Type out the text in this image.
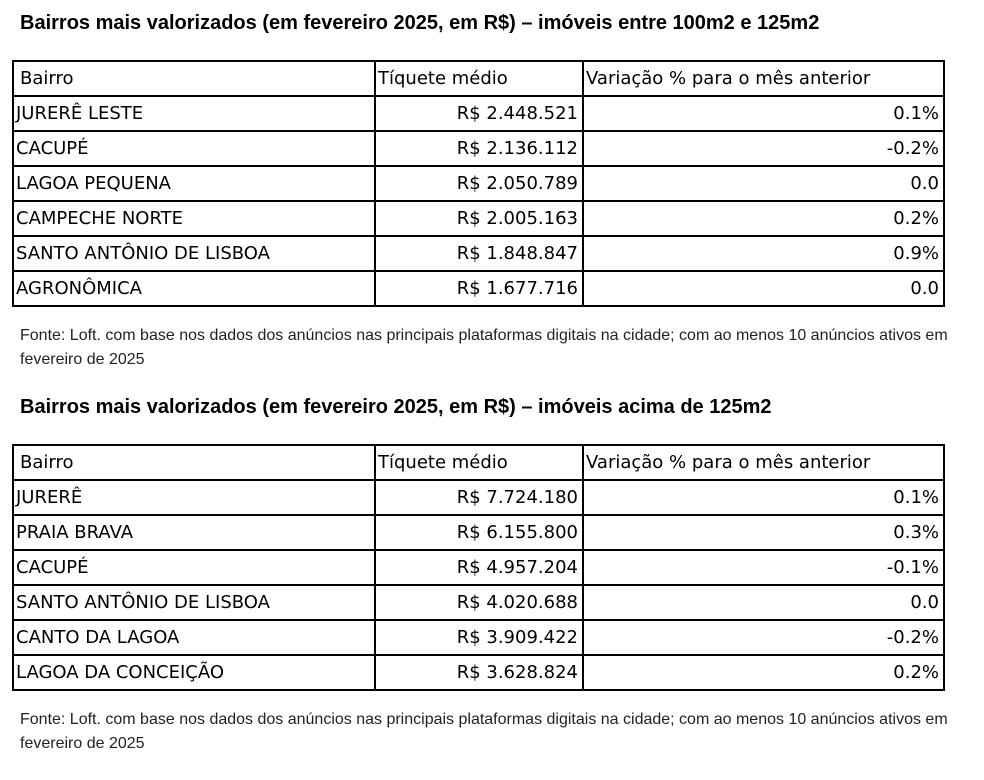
Bairros mais valorizados (em fevereiro 2025, em R$) – imóveis entre 100m2 e 125m2
Bairro	Tíquete médio	Variação % para o mês anterior
JURERÊ LESTE	R$ 2.448.521	0.1%
CACUPÉ	R$ 2.136.112	-0.2%
LAGOA PEQUENA	R$ 2.050.789	0.0
CAMPECHE NORTE	R$ 2.005.163	0.2%
SANTO ANTÔNIO DE LISBOA	R$ 1.848.847	0.9%
AGRONÔMICA	R$ 1.677.716	0.0
Fonte: Loft. com base nos dados dos anúncios nas principais plataformas digitais na cidade; com ao menos 10 anúncios ativos em fevereiro de 2025
Bairros mais valorizados (em fevereiro 2025, em R$) – imóveis acima de 125m2
Bairro	Tíquete médio	Variação % para o mês anterior
JURERÊ	R$ 7.724.180	0.1%
PRAIA BRAVA	R$ 6.155.800	0.3%
CACUPÉ	R$ 4.957.204	-0.1%
SANTO ANTÔNIO DE LISBOA	R$ 4.020.688	0.0
CANTO DA LAGOA	R$ 3.909.422	-0.2%
LAGOA DA CONCEIÇÃO	R$ 3.628.824	0.2%
Fonte: Loft. com base nos dados dos anúncios nas principais plataformas digitais na cidade; com ao menos 10 anúncios ativos em fevereiro de 2025
